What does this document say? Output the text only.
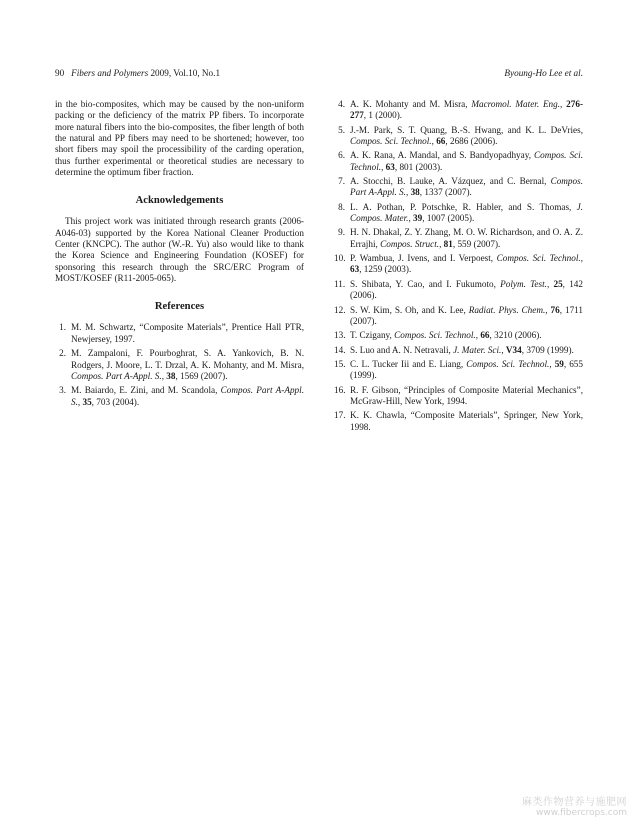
90 Fibers and Polymers 2009, Vol.10, No.1	Byoung-Ho Lee et al.
in the bio-composites, which may be caused by the non-uniform packing or the deficiency of the matrix PP fibers. To incorporate more natural fibers into the bio-composites, the fiber length of both the natural and PP fibers may need to be shortened; however, too short fibers may spoil the processibility of the carding operation, thus further experimental or theoretical studies are necessary to determine the optimum fiber fraction.
Acknowledgements
This project work was initiated through research grants (2006-A046-03) supported by the Korea National Cleaner Production Center (KNCPC). The author (W.-R. Yu) also would like to thank the Korea Science and Engineering Foundation (KOSEF) for sponsoring this research through the SRC/ERC Program of MOST/KOSEF (R11-2005-065).
References
1. M. M. Schwartz, “Composite Materials”, Prentice Hall PTR, Newjersey, 1997.
2. M. Zampaloni, F. Pourboghrat, S. A. Yankovich, B. N. Rodgers, J. Moore, L. T. Drzal, A. K. Mohanty, and M. Misra, Compos. Part A-Appl. S., 38, 1569 (2007).
3. M. Baiardo, E. Zini, and M. Scandola, Compos. Part A-Appl. S., 35, 703 (2004).
4. A. K. Mohanty and M. Misra, Macromol. Mater. Eng., 276-277, 1 (2000).
5. J.-M. Park, S. T. Quang, B.-S. Hwang, and K. L. DeVries, Compos. Sci. Technol., 66, 2686 (2006).
6. A. K. Rana, A. Mandal, and S. Bandyopadhyay, Compos. Sci. Technol., 63, 801 (2003).
7. A. Stocchi, B. Lauke, A. Vázquez, and C. Bernal, Compos. Part A-Appl. S., 38, 1337 (2007).
8. L. A. Pothan, P. Potschke, R. Habler, and S. Thomas, J. Compos. Mater., 39, 1007 (2005).
9. H. N. Dhakal, Z. Y. Zhang, M. O. W. Richardson, and O. A. Z. Errajhi, Compos. Struct., 81, 559 (2007).
10. P. Wambua, J. Ivens, and I. Verpoest, Compos. Sci. Technol., 63, 1259 (2003).
11. S. Shibata, Y. Cao, and I. Fukumoto, Polym. Test., 25, 142 (2006).
12. S. W. Kim, S. Oh, and K. Lee, Radiat. Phys. Chem., 76, 1711 (2007).
13. T. Czigany, Compos. Sci. Technol., 66, 3210 (2006).
14. S. Luo and A. N. Netravali, J. Mater. Sci., V34, 3709 (1999).
15. C. L. Tucker Iii and E. Liang, Compos. Sci. Technol., 59, 655 (1999).
16. R. F. Gibson, “Principles of Composite Material Mechanics”, McGraw-Hill, New York, 1994.
17. K. K. Chawla, “Composite Materials”, Springer, New York, 1998.
麻类作物营养与施肥网
www.fibercrops.com
